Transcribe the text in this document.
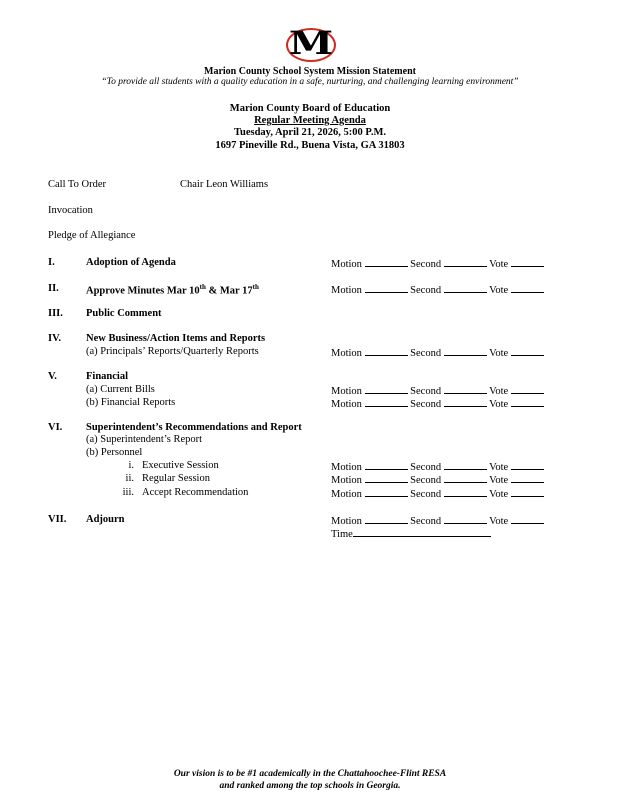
M
Marion County School System Mission Statement
“To provide all students with a quality education in a safe, nurturing, and challenging learning environment”
Marion County Board of Education
Regular Meeting Agenda
Tuesday, April 21, 2026, 5:00 P.M.
1697 Pineville Rd., Buena Vista, GA 31803
Call To Order	Chair Leon Williams
Invocation
Pledge of Allegiance
I.	Adoption of Agenda	Motion	Second	Vote
II.	Approve Minutes Mar 10th & Mar 17th	Motion	Second	Vote
III. Public Comment
IV. New Business/Action Items and Reports
(a) Principals’ Reports/Quarterly Reports	Motion	Second	Vote
V.	Financial
(a) Current Bills	Motion	Second	Vote
(b) Financial Reports	Motion	Second	Vote
VI. Superintendent’s Recommendations and Report
(a) Superintendent’s Report
(b) Personnel
i. Executive Session	Motion	Second	Vote
ii. Regular Session	Motion	Second	Vote
iii. Accept Recommendation	Motion	Second	Vote
VII. Adjourn	Motion	Second	Vote
Time
Our vision is to be #1 academically in the Chattahoochee-Flint RESA
and ranked among the top schools in Georgia.
